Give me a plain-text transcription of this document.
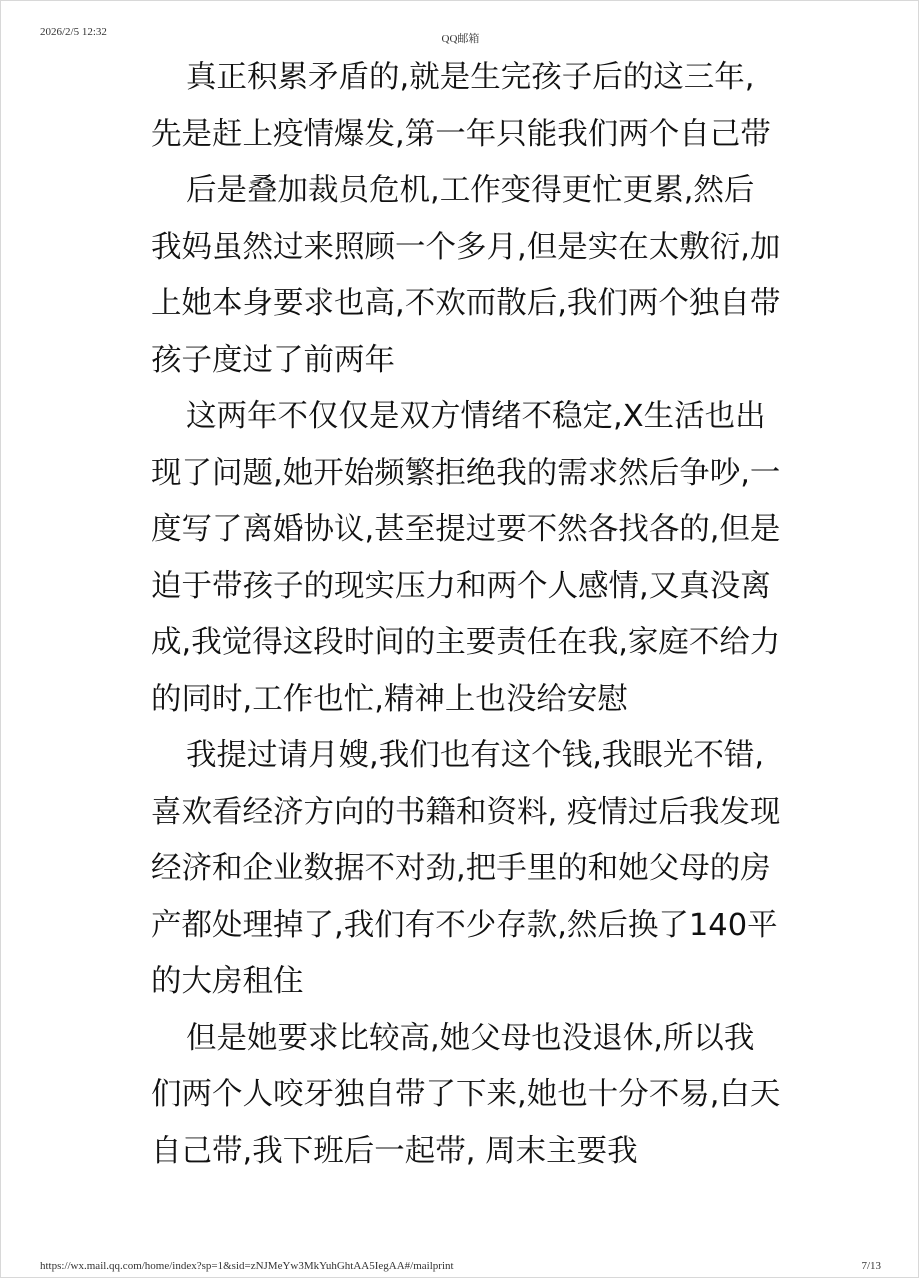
2026/2/5 12:32
QQ邮箱

真正积累矛盾的,就是生完孩子后的这三年,先是赶上疫情爆发,第一年只能我们两个自己带

后是叠加裁员危机,工作变得更忙更累,然后我妈虽然过来照顾一个多月,但是实在太敷衍,加上她本身要求也高,不欢而散后,我们两个独自带孩子度过了前两年

这两年不仅仅是双方情绪不稳定,X生活也出现了问题,她开始频繁拒绝我的需求然后争吵,一度写了离婚协议,甚至提过要不然各找各的,但是迫于带孩子的现实压力和两个人感情,又真没离成,我觉得这段时间的主要责任在我,家庭不给力的同时,工作也忙,精神上也没给安慰

我提过请月嫂,我们也有这个钱,我眼光不错,喜欢看经济方向的书籍和资料, 疫情过后我发现经济和企业数据不对劲,把手里的和她父母的房产都处理掉了,我们有不少存款,然后换了140平的大房租住

但是她要求比较高,她父母也没退休,所以我们两个人咬牙独自带了下来,她也十分不易,白天自己带,我下班后一起带, 周末主要我

https://wx.mail.qq.com/home/index?sp=1&sid=zNJMeYw3MkYuhGhtAA5IegAA#/mailprint	7/13
